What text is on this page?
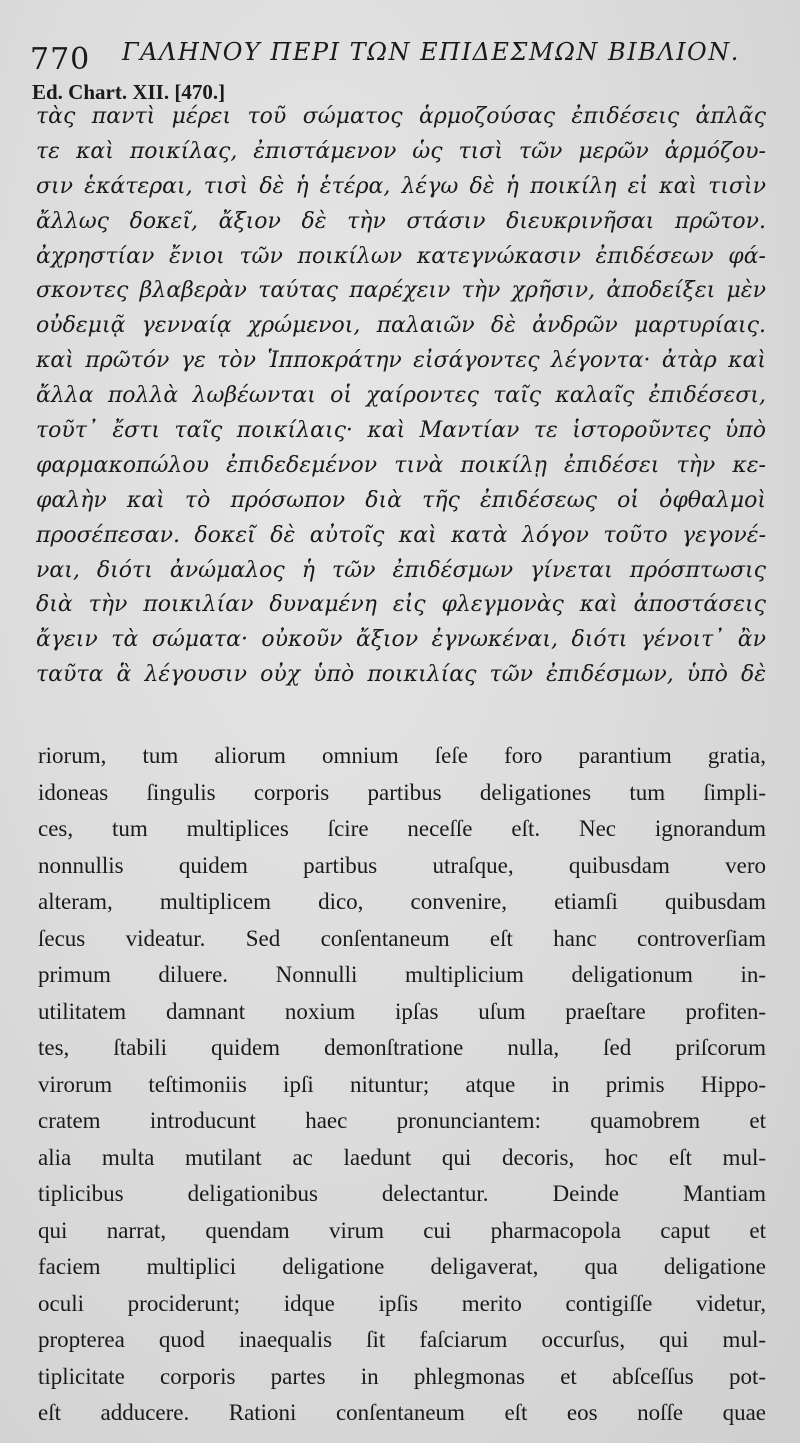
770 ΓΑΛΗΝΟΥ ΠΕΡΙ ΤΩΝ ΕΠΙΔΕΣΜΩΝ ΒΙΒΛΙΟΝ.
Ed. Chart. XII. [470.]
τὰς παντὶ μέρει τοῦ σώματος ἁρμοζούσας ἐπιδέσεις ἁπλᾶς
τε καὶ ποικίλας, ἐπιστάμενον ὡς τισὶ τῶν μερῶν ἁρμόζου-
σιν ἑκάτεραι, τισὶ δὲ ἡ ἑτέρα, λέγω δὲ ἡ ποικίλη εἰ καὶ τισὶν
ἄλλως δοκεῖ, ἄξιον δὲ τὴν στάσιν διευκρινῆσαι πρῶτον.
ἀχρηστίαν ἔνιοι τῶν ποικίλων κατεγνώκασιν ἐπιδέσεων φά-
σκοντες βλαβερὰν ταύτας παρέχειν τὴν χρῆσιν, ἀποδείξει μὲν
οὐδεμιᾷ γενναίᾳ χρώμενοι, παλαιῶν δὲ ἀνδρῶν μαρτυρίαις.
καὶ πρῶτόν γε τὸν Ἱπποκράτην εἰσάγοντες λέγοντα· ἀτὰρ καὶ
ἄλλα πολλὰ λωβέωνται οἱ χαίροντες ταῖς καλαῖς ἐπιδέσεσι,
τοῦτ᾽ ἔστι ταῖς ποικίλαις· καὶ Μαντίαν τε ἱστοροῦντες ὑπὸ
φαρμακοπώλου ἐπιδεδεμένον τινὰ ποικίλῃ ἐπιδέσει τὴν κε-
φαλὴν καὶ τὸ πρόσωπον διὰ τῆς ἐπιδέσεως οἱ ὀφθαλμοὶ
προσέπεσαν. δοκεῖ δὲ αὐτοῖς καὶ κατὰ λόγον τοῦτο γεγονέ-
ναι, διότι ἀνώμαλος ἡ τῶν ἐπιδέσμων γίνεται πρόσπτωσις
διὰ τὴν ποικιλίαν δυναμένη εἰς φλεγμονὰς καὶ ἀποστάσεις
ἄγειν τὰ σώματα· οὐκοῦν ἄξιον ἐγνωκέναι, διότι γένοιτ᾽ ἂν
ταῦτα ἃ λέγουσιν οὐχ ὑπὸ ποικιλίας τῶν ἐπιδέσμων, ὑπὸ δὲ
riorum, tum aliorum omnium ſeſe foro parantium gratia,
idoneas ſingulis corporis partibus deligationes tum ſimpli-
ces, tum multiplices ſcire neceſſe eſt. Nec ignorandum
nonnullis quidem partibus utraſque, quibusdam vero
alteram, multiplicem dico, convenire, etiamſi quibusdam
ſecus videatur. Sed conſentaneum eſt hanc controverſiam
primum diluere. Nonnulli multiplicium deligationum in-
utilitatem damnant noxium ipſas uſum praeſtare profiten-
tes, ſtabili quidem demonſtratione nulla, ſed priſcorum
virorum teſtimoniis ipſi nituntur; atque in primis Hippo-
cratem introducunt haec pronunciantem: quamobrem et
alia multa mutilant ac laedunt qui decoris, hoc eſt mul-
tiplicibus deligationibus delectantur. Deinde Mantiam
qui narrat, quendam virum cui pharmacopola caput et
faciem multiplici deligatione deligaverat, qua deligatione
oculi prociderunt; idque ipſis merito contigiſſe videtur,
propterea quod inaequalis ſit faſciarum occurſus, qui mul-
tiplicitate corporis partes in phlegmonas et abſceſſus pot-
eſt adducere. Rationi conſentaneum eſt eos noſſe quae
